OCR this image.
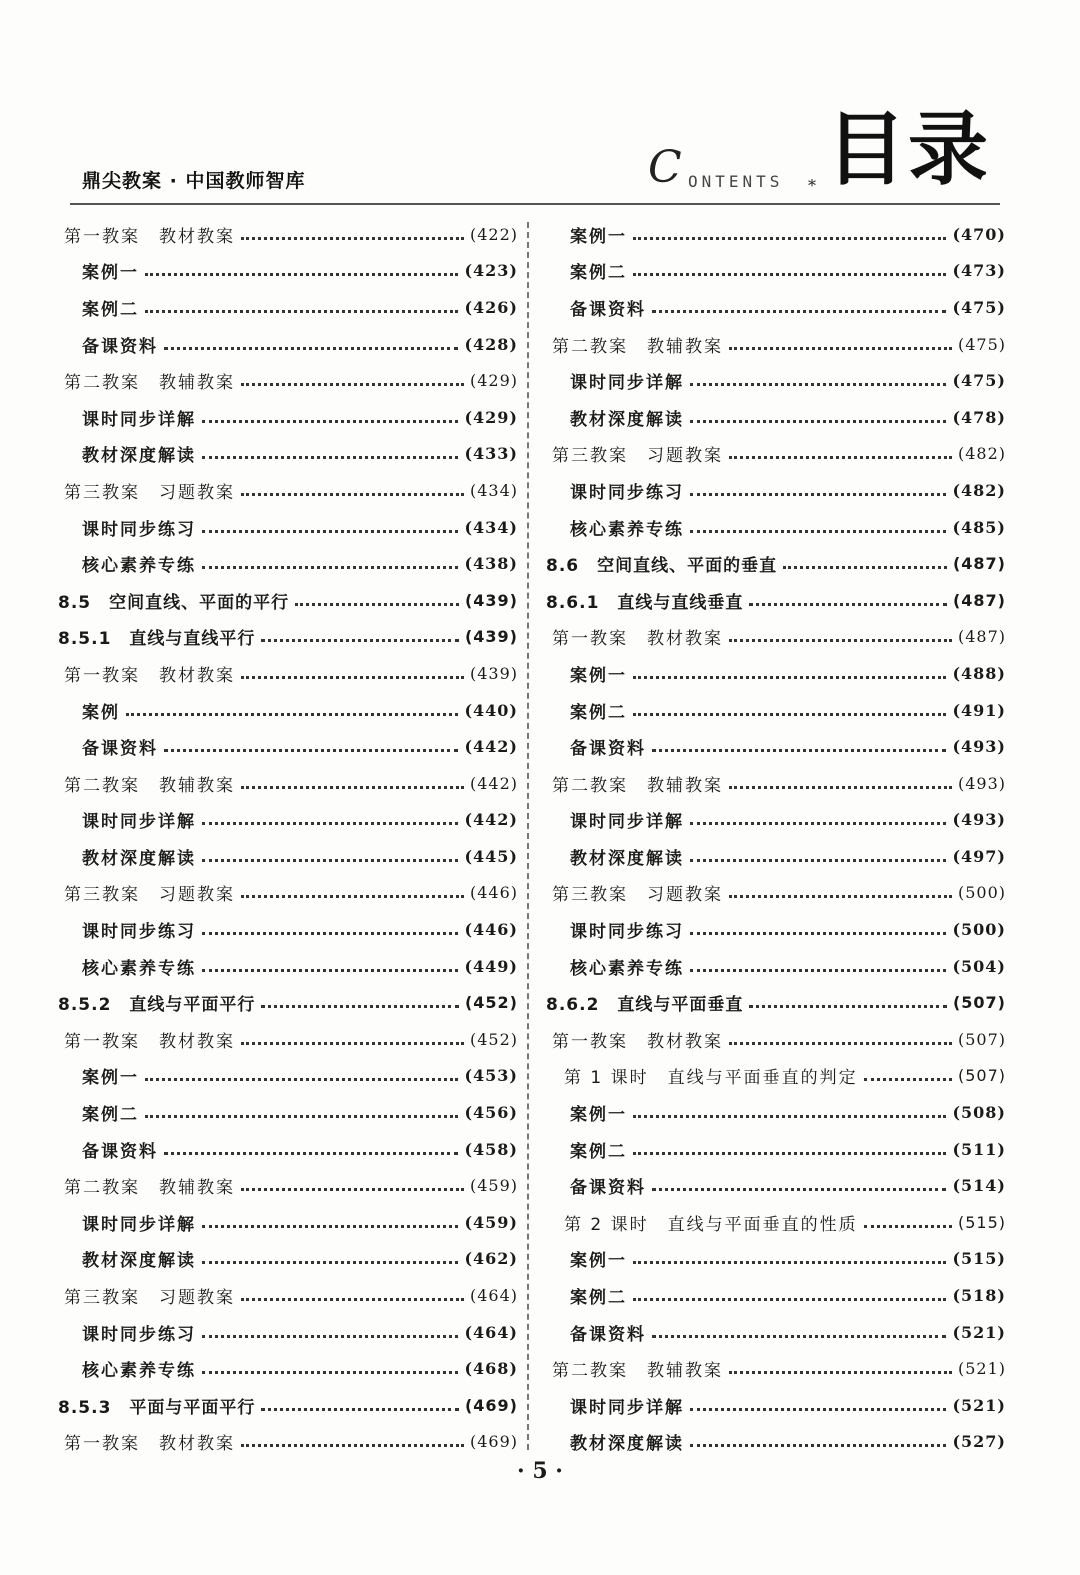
鼎尖教案 · 中国教师智库	C ONTENTS * 目录
第一教案　教材教案	(422)
案例一	(423)
案例二	(426)
备课资料	(428)
第二教案　教辅教案	(429)
课时同步详解	(429)
教材深度解读	(433)
第三教案　习题教案	(434)
课时同步练习	(434)
核心素养专练	(438)
8.5　空间直线、平面的平行	(439)
8.5.1　直线与直线平行	(439)
第一教案　教材教案	(439)
案例	(440)
备课资料	(442)
第二教案　教辅教案	(442)
课时同步详解	(442)
教材深度解读	(445)
第三教案　习题教案	(446)
课时同步练习	(446)
核心素养专练	(449)
8.5.2　直线与平面平行	(452)
第一教案　教材教案	(452)
案例一	(453)
案例二	(456)
备课资料	(458)
第二教案　教辅教案	(459)
课时同步详解	(459)
教材深度解读	(462)
第三教案　习题教案	(464)
课时同步练习	(464)
核心素养专练	(468)
8.5.3　平面与平面平行	(469)
第一教案　教材教案	(469)
案例一	(470)
案例二	(473)
备课资料	(475)
第二教案　教辅教案	(475)
课时同步详解	(475)
教材深度解读	(478)
第三教案　习题教案	(482)
课时同步练习	(482)
核心素养专练	(485)
8.6　空间直线、平面的垂直	(487)
8.6.1　直线与直线垂直	(487)
第一教案　教材教案	(487)
案例一	(488)
案例二	(491)
备课资料	(493)
第二教案　教辅教案	(493)
课时同步详解	(493)
教材深度解读	(497)
第三教案　习题教案	(500)
课时同步练习	(500)
核心素养专练	(504)
8.6.2　直线与平面垂直	(507)
第一教案　教材教案	(507)
第 1 课时　直线与平面垂直的判定	(507)
案例一	(508)
案例二	(511)
备课资料	(514)
第 2 课时　直线与平面垂直的性质	(515)
案例一	(515)
案例二	(518)
备课资料	(521)
第二教案　教辅教案	(521)
课时同步详解	(521)
教材深度解读	(527)
· 5 ·
